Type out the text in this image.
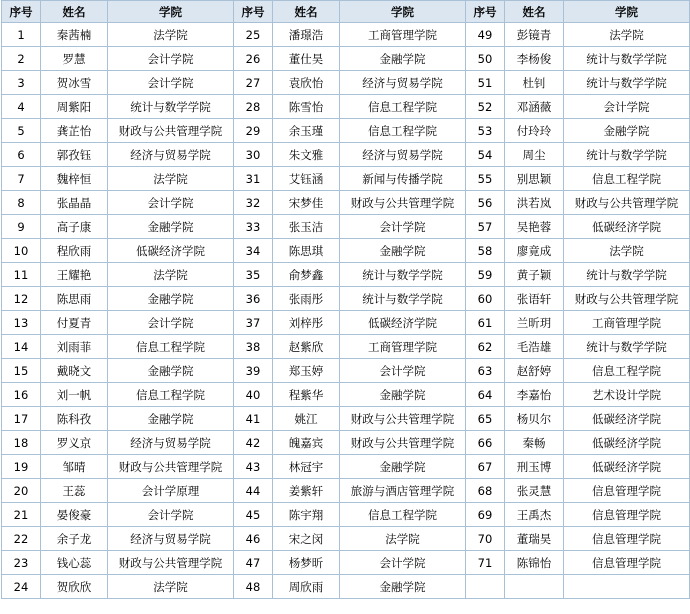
序号	姓名	学院	序号	姓名	学院	序号	姓名	学院
1	秦茜楠	法学院	25	潘璟浩	工商管理学院	49	彭镜青	法学院
2	罗慧	会计学院	26	董仕昊	金融学院	50	李杨俊	统计与数学学院
3	贺冰雪	会计学院	27	袁欣怡	经济与贸易学院	51	杜钊	统计与数学学院
4	周紫阳	统计与数学学院	28	陈雪怡	信息工程学院	52	邓涵薇	会计学院
5	龚芷怡	财政与公共管理学院	29	余玉瑾	信息工程学院	53	付玲玲	金融学院
6	郭孜钰	经济与贸易学院	30	朱文雅	经济与贸易学院	54	周尘	统计与数学学院
7	魏梓恒	法学院	31	艾钰涵	新闻与传播学院	55	别思颖	信息工程学院
8	张晶晶	会计学院	32	宋梦佳	财政与公共管理学院	56	洪若岚	财政与公共管理学院
9	高子康	金融学院	33	张玉洁	会计学院	57	吴艳蓉	低碳经济学院
10	程欣雨	低碳经济学院	34	陈思琪	金融学院	58	廖竟成	法学院
11	王耀艳	法学院	35	俞梦鑫	统计与数学学院	59	黄子颖	统计与数学学院
12	陈思雨	金融学院	36	张雨彤	统计与数学学院	60	张语轩	财政与公共管理学院
13	付夏青	会计学院	37	刘梓彤	低碳经济学院	61	兰昕玥	工商管理学院
14	刘雨菲	信息工程学院	38	赵紫欣	工商管理学院	62	毛浩雄	统计与数学学院
15	戴晓文	金融学院	39	郑玉婷	会计学院	63	赵舒婷	信息工程学院
16	刘一帆	信息工程学院	40	程紫华	金融学院	64	李嘉怡	艺术设计学院
17	陈科孜	金融学院	41	姚江	财政与公共管理学院	65	杨贝尔	低碳经济学院
18	罗义京	经济与贸易学院	42	魄嘉宾	财政与公共管理学院	66	秦畅	低碳经济学院
19	邹晴	财政与公共管理学院	43	林冠宇	金融学院	67	刑玉博	低碳经济学院
20	王蕊	会计学原理	44	姜紫轩	旅游与酒店管理学院	68	张灵慧	信息管理学院
21	晏俊豪	会计学院	45	陈宇翔	信息工程学院	69	王禹杰	信息管理学院
22	余子龙	经济与贸易学院	46	宋之闵	法学院	70	董瑞昊	信息管理学院
23	钱心蕊	财政与公共管理学院	47	杨梦昕	会计学院	71	陈锦怡	信息管理学院
24	贺欣欣	法学院	48	周欣雨	金融学院			
